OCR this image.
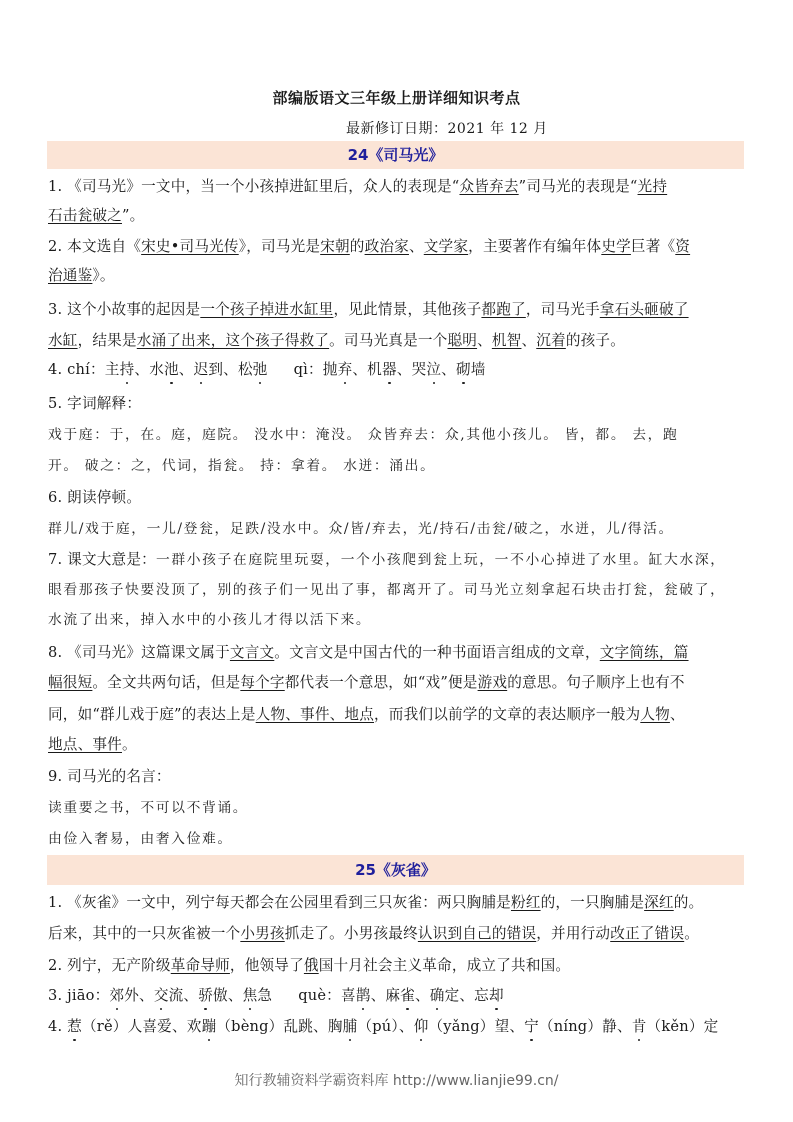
部编版语文三年级上册详细知识考点
最新修订日期：2021 年 12 月
24《司马光》
1. 《司马光》一文中，当一个小孩掉进缸里后，众人的表现是“众皆弃去”司马光的表现是“光持
石击瓮破之”。
2. 本文选自《宋史•司马光传》，司马光是宋朝的政治家、文学家，主要著作有编年体史学巨著《资
治通鉴》。
3. 这个小故事的起因是一个孩子掉进水缸里，见此情景，其他孩子都跑了，司马光手拿石头砸破了
水缸，结果是水涌了出来，这个孩子得救了。司马光真是一个聪明、机智、沉着的孩子。
4. chí：主持、水池、迟到、松弛 qì：抛弃、机器、哭泣、砌墙
5. 字词解释：
戏于庭：于，在。庭，庭院。 没水中：淹没。 众皆弃去：众,其他小孩儿。 皆，都。 去，跑
开。 破之：之，代词，指瓮。 持：拿着。 水迸：涌出。
6. 朗读停顿。
群儿/戏于庭，一儿/登瓮，足跌/没水中。众/皆/弃去，光/持石/击瓮/破之，水迸，儿/得活。
7. 课文大意是：一群小孩子在庭院里玩耍，一个小孩爬到瓮上玩，一不小心掉进了水里。缸大水深，
眼看那孩子快要没顶了，别的孩子们一见出了事，都离开了。司马光立刻拿起石块击打瓮，瓮破了，
水流了出来，掉入水中的小孩儿才得以活下来。
8. 《司马光》这篇课文属于文言文。文言文是中国古代的一种书面语言组成的文章，文字简练，篇
幅很短。全文共两句话，但是每个字都代表一个意思，如“戏”便是游戏的意思。句子顺序上也有不
同，如“群儿戏于庭”的表达上是人物、事件、地点，而我们以前学的文章的表达顺序一般为人物、
地点、事件。
9. 司马光的名言：
读重要之书，不可以不背诵。
由俭入奢易，由奢入俭难。
25《灰雀》
1. 《灰雀》一文中，列宁每天都会在公园里看到三只灰雀：两只胸脯是粉红的，一只胸脯是深红的。
后来，其中的一只灰雀被一个小男孩抓走了。小男孩最终认识到自己的错误，并用行动改正了错误。
2. 列宁，无产阶级革命导师，他领导了俄国十月社会主义革命，成立了共和国。
3. jiāo：郊外、交流、骄傲、焦急 què：喜鹊、麻雀、确定、忘却
4. 惹（rě）人喜爱、欢蹦（bèng）乱跳、胸脯（pú）、仰（yǎng）望、宁（níng）静、肯（kěn）定
知行教辅资料学霸资料库 http://www.lianjie99.cn/
